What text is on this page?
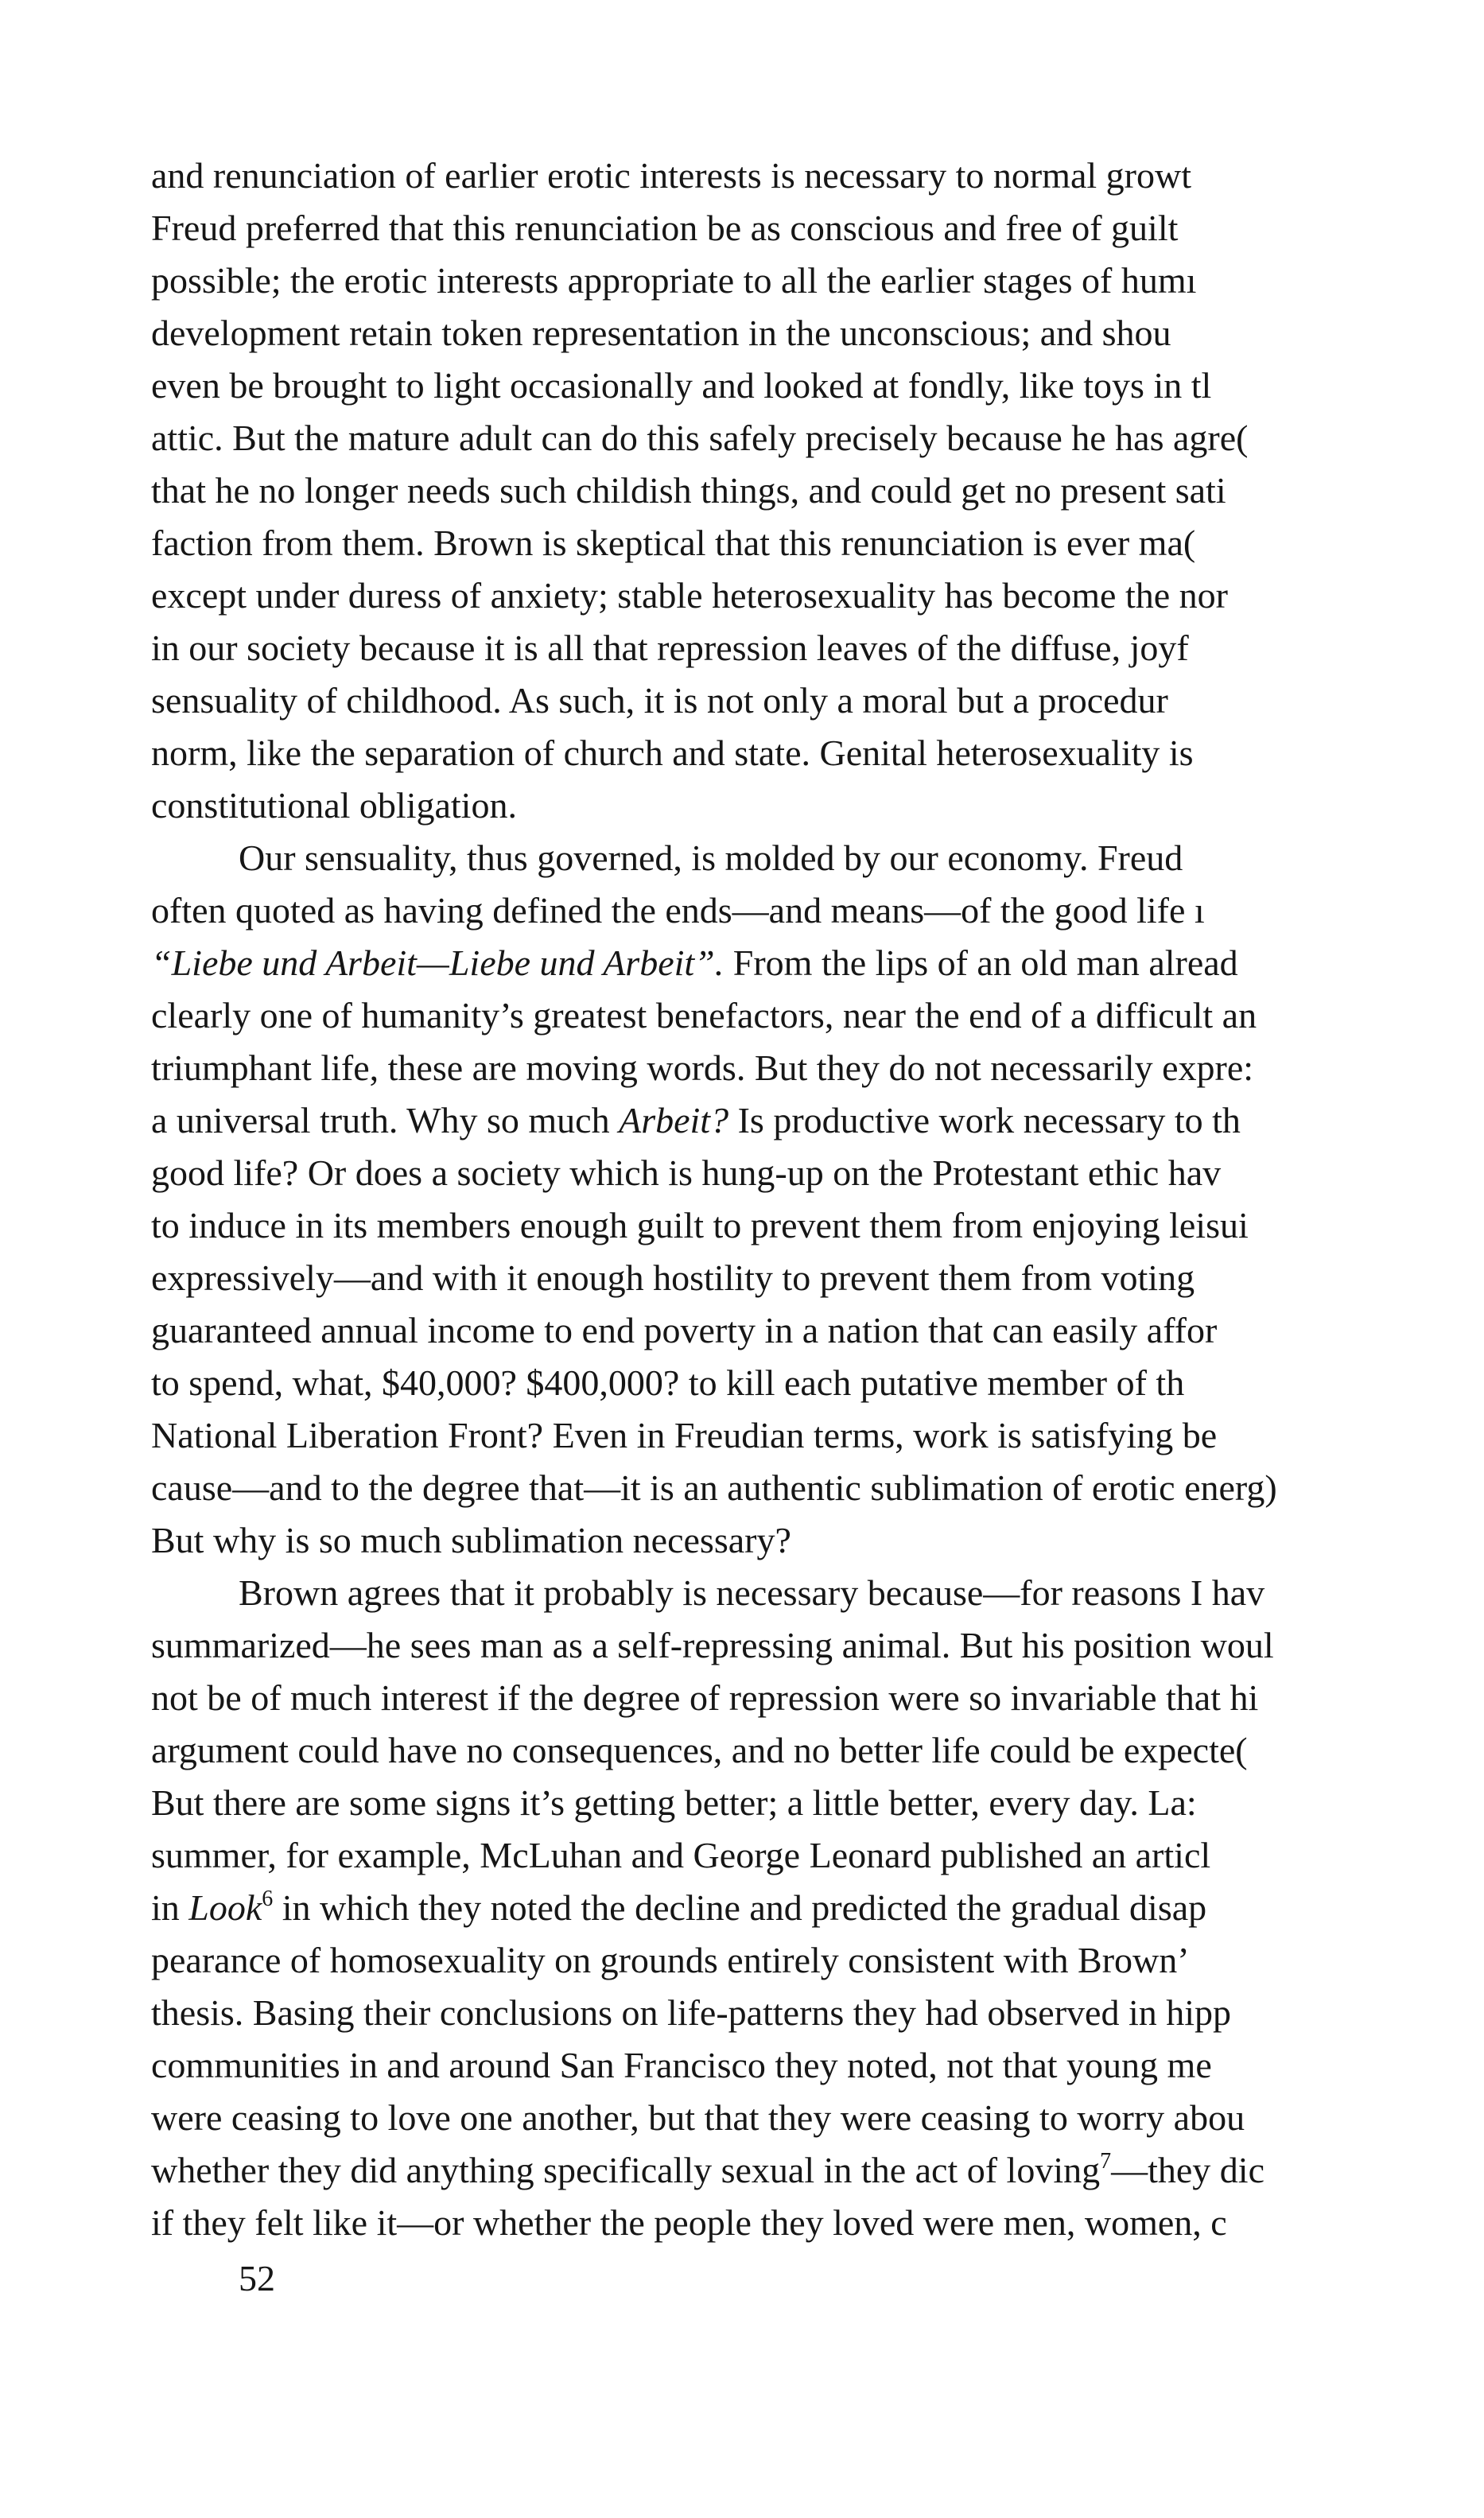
and renunciation of earlier erotic interests is necessary to normal growt
Freud preferred that this renunciation be as conscious and free of guilt
possible; the erotic interests appropriate to all the earlier stages of humı
development retain token representation in the unconscious; and shou
even be brought to light occasionally and looked at fondly, like toys in tl
attic. But the mature adult can do this safely precisely because he has agre(
that he no longer needs such childish things, and could get no present sati
faction from them. Brown is skeptical that this renunciation is ever ma(
except under duress of anxiety; stable heterosexuality has become the nor
in our society because it is all that repression leaves of the diffuse, joyf
sensuality of childhood. As such, it is not only a moral but a procedur
norm, like the separation of church and state. Genital heterosexuality is
constitutional obligation.
Our sensuality, thus governed, is molded by our economy. Freud
often quoted as having defined the ends—and means—of the good life ı
“Liebe und Arbeit—Liebe und Arbeit”. From the lips of an old man alread
clearly one of humanity’s greatest benefactors, near the end of a difficult an
triumphant life, these are moving words. But they do not necessarily expre:
a universal truth. Why so much Arbeit? Is productive work necessary to th
good life? Or does a society which is hung-up on the Protestant ethic hav
to induce in its members enough guilt to prevent them from enjoying leisui
expressively—and with it enough hostility to prevent them from voting
guaranteed annual income to end poverty in a nation that can easily affor
to spend, what, $40,000? $400,000? to kill each putative member of th
National Liberation Front? Even in Freudian terms, work is satisfying be
cause—and to the degree that—it is an authentic sublimation of erotic energ)
But why is so much sublimation necessary?
Brown agrees that it probably is necessary because—for reasons I hav
summarized—he sees man as a self-repressing animal. But his position woul
not be of much interest if the degree of repression were so invariable that hi
argument could have no consequences, and no better life could be expecte(
But there are some signs it’s getting better; a little better, every day. La:
summer, for example, McLuhan and George Leonard published an articl
in Look$^6$ in which they noted the decline and predicted the gradual disap
pearance of homosexuality on grounds entirely consistent with Brown’
thesis. Basing their conclusions on life-patterns they had observed in hipp
communities in and around San Francisco they noted, not that young me
were ceasing to love one another, but that they were ceasing to worry abou
whether they did anything specifically sexual in the act of loving$^7$—they dic
if they felt like it—or whether the people they loved were men, women, c
52
